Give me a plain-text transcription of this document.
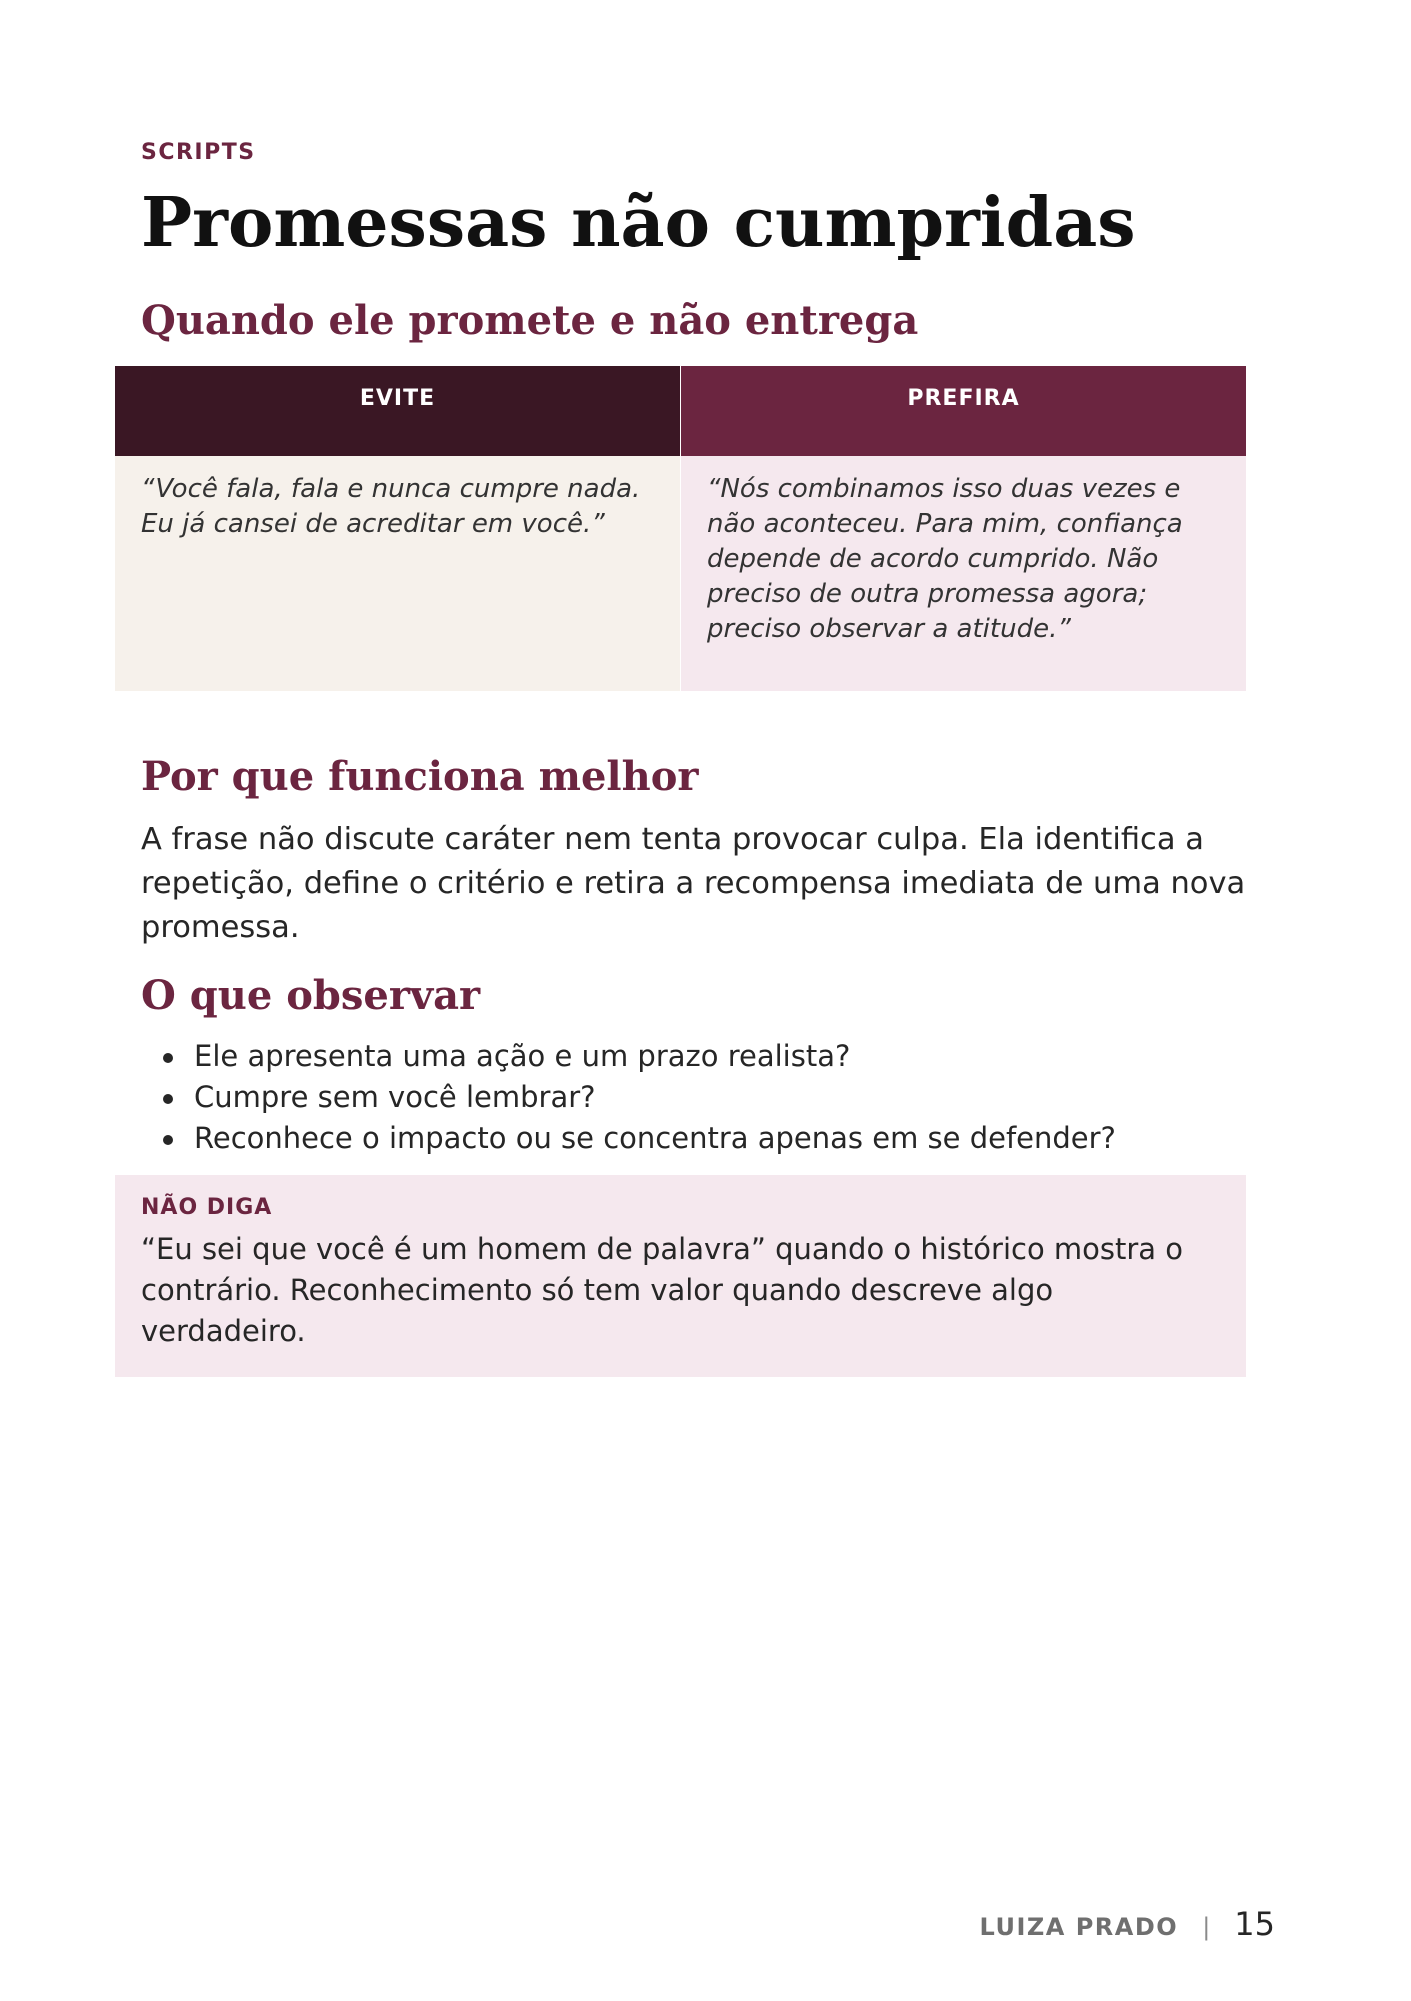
SCRIPTS
Promessas não cumpridas
Quando ele promete e não entrega
EVITE
“Você fala, fala e nunca cumpre nada. Eu já cansei de acreditar em você.”
PREFIRA
“Nós combinamos isso duas vezes e não aconteceu. Para mim, confiança depende de acordo cumprido. Não preciso de outra promessa agora; preciso observar a atitude.”
Por que funciona melhor

A frase não discute caráter nem tenta provocar culpa. Ela identifica a repetição, define o critério e retira a recompensa imediata de uma nova promessa.

O que observar
Ele apresenta uma ação e um prazo realista?
Cumpre sem você lembrar?
Reconhece o impacto ou se concentra apenas em se defender?
NÃO DIGA
“Eu sei que você é um homem de palavra” quando o histórico mostra o contrário. Reconhecimento só tem valor quando descreve algo verdadeiro.
LUIZA PRADO | 15
